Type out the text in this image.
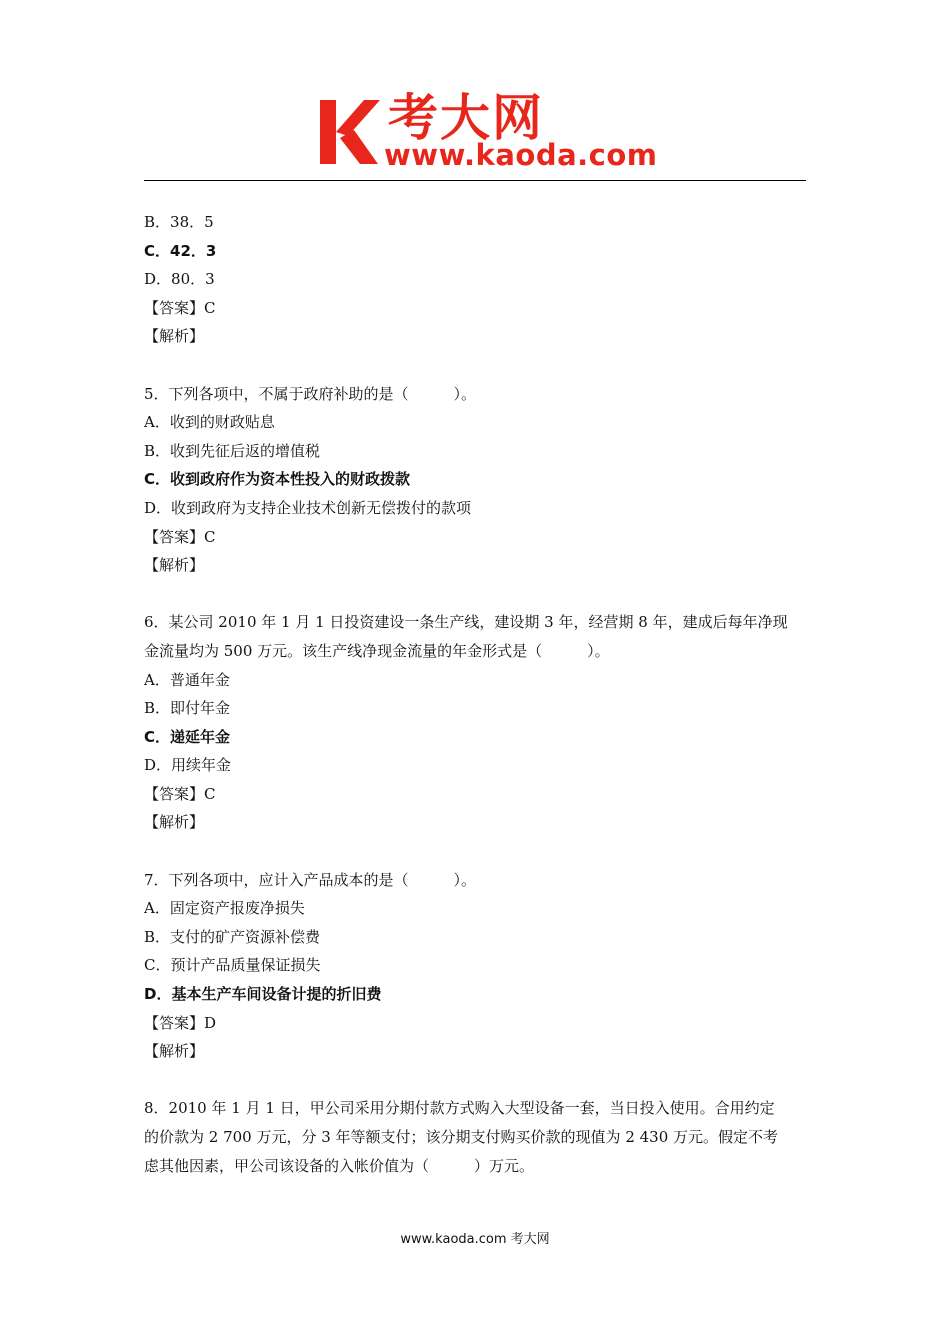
考大网
www.kaoda.com
B．38．5
C．42．3
D．80．3
【答案】C
【解析】
5．下列各项中，不属于政府补助的是（　　　）。
A．收到的财政贴息
B．收到先征后返的增值税
C．收到政府作为资本性投入的财政拨款
D．收到政府为支持企业技术创新无偿拨付的款项
【答案】C
【解析】
6．某公司 2010 年 1 月 1 日投资建设一条生产线，建设期 3 年，经营期 8 年，建成后每年净现
金流量均为 500 万元。该生产线净现金流量的年金形式是（　　　）。
A．普通年金
B．即付年金
C．递延年金
D．用续年金
【答案】C
【解析】
7．下列各项中，应计入产品成本的是（　　　）。
A．固定资产报废净损失
B．支付的矿产资源补偿费
C．预计产品质量保证损失
D．基本生产车间设备计提的折旧费
【答案】D
【解析】
8．2010 年 1 月 1 日，甲公司采用分期付款方式购入大型设备一套，当日投入使用。合用约定
的价款为 2 700 万元，分 3 年等额支付；该分期支付购买价款的现值为 2 430 万元。假定不考
虑其他因素，甲公司该设备的入帐价值为（　　　）万元。
www.kaoda.com 考大网
